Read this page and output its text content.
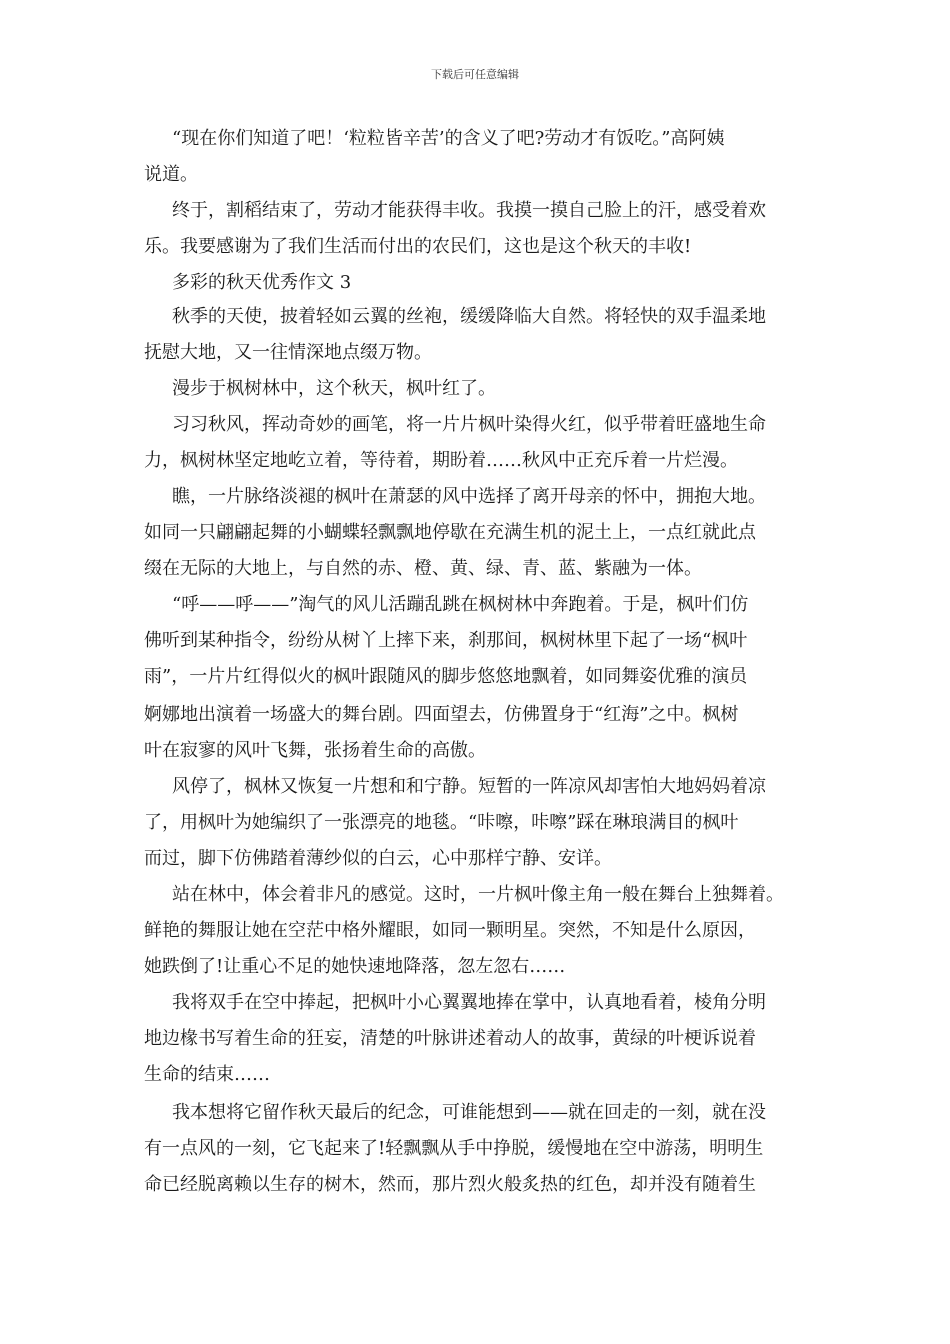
下载后可任意编辑
“现在你们知道了吧！‘粒粒皆辛苦’的含义了吧?劳动才有饭吃。”高阿姨
说道。
终于，割稻结束了，劳动才能获得丰收。我摸一摸自己脸上的汗，感受着欢
乐。我要感谢为了我们生活而付出的农民们，这也是这个秋天的丰收!
多彩的秋天优秀作文 3
秋季的天使，披着轻如云翼的丝袍，缓缓降临大自然。将轻快的双手温柔地
抚慰大地，又一往情深地点缀万物。
漫步于枫树林中，这个秋天，枫叶红了。
习习秋风，挥动奇妙的画笔，将一片片枫叶染得火红，似乎带着旺盛地生命
力，枫树林坚定地屹立着，等待着，期盼着……秋风中正充斥着一片烂漫。
瞧，一片脉络淡褪的枫叶在萧瑟的风中选择了离开母亲的怀中，拥抱大地。
如同一只翩翩起舞的小蝴蝶轻飘飘地停歇在充满生机的泥土上，一点红就此点
缀在无际的大地上，与自然的赤、橙、黄、绿、青、蓝、紫融为一体。
“呼——呼——”淘气的风儿活蹦乱跳在枫树林中奔跑着。于是，枫叶们仿
佛听到某种指令，纷纷从树丫上摔下来，刹那间，枫树林里下起了一场“枫叶
雨”，一片片红得似火的枫叶跟随风的脚步悠悠地飘着，如同舞姿优雅的演员
婀娜地出演着一场盛大的舞台剧。四面望去，仿佛置身于“红海”之中。枫树
叶在寂寥的风叶飞舞，张扬着生命的高傲。
风停了，枫林又恢复一片想和和宁静。短暂的一阵凉风却害怕大地妈妈着凉
了，用枫叶为她编织了一张漂亮的地毯。“咔嚓，咔嚓”踩在琳琅满目的枫叶
而过，脚下仿佛踏着薄纱似的白云，心中那样宁静、安详。
站在林中，体会着非凡的感觉。这时，一片枫叶像主角一般在舞台上独舞着。
鲜艳的舞服让她在空茫中格外耀眼，如同一颗明星。突然，不知是什么原因，
她跌倒了!让重心不足的她快速地降落，忽左忽右……
我将双手在空中捧起，把枫叶小心翼翼地捧在掌中，认真地看着，棱角分明
地边椽书写着生命的狂妄，清楚的叶脉讲述着动人的故事，黄绿的叶梗诉说着
生命的结束……
我本想将它留作秋天最后的纪念，可谁能想到——就在回走的一刻，就在没
有一点风的一刻，它飞起来了!轻飘飘从手中挣脱，缓慢地在空中游荡，明明生
命已经脱离赖以生存的树木，然而，那片烈火般炙热的红色，却并没有随着生
